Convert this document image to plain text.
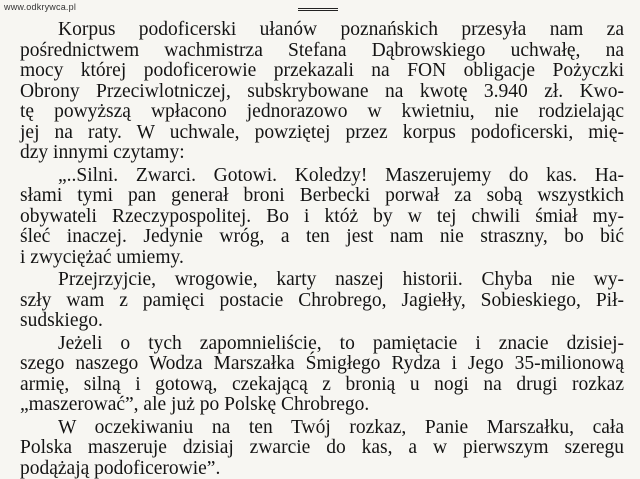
www.odkrywca.pl
Korpus podoficerski ułanów poznańskich przesyła nam za
pośrednictwem wachmistrza Stefana Dąbrowskiego uchwałę, na
mocy której podoficerowie przekazali na FON obligacje Pożyczki
Obrony Przeciwlotniczej, subskrybowane na kwotę 3.940 zł. Kwo-
tę powyższą wpłacono jednorazowo w kwietniu, nie rodzielając
jej na raty. W uchwale, powziętej przez korpus podoficerski, mię-
dzy innymi czytamy:
„..Silni. Zwarci. Gotowi. Koledzy! Maszerujemy do kas. Ha-
słami tymi pan generał broni Berbecki porwał za sobą wszystkich
obywateli Rzeczypospolitej. Bo i któż by w tej chwili śmiał my-
śleć inaczej. Jedynie wróg, a ten jest nam nie straszny, bo bić
i zwyciężać umiemy.
Przejrzyjcie, wrogowie, karty naszej historii. Chyba nie wy-
szły wam z pamięci postacie Chrobrego, Jagiełły, Sobieskiego, Pił-
sudskiego.
Jeżeli o tych zapomnieliście, to pamiętacie i znacie dzisiej-
szego naszego Wodza Marszałka Śmigłego Rydza i Jego 35-milionową
armię, silną i gotową, czekającą z bronią u nogi na drugi rozkaz
„maszerować”, ale już po Polskę Chrobrego.
W oczekiwaniu na ten Twój rozkaz, Panie Marszałku, cała
Polska maszeruje dzisiaj zwarcie do kas, a w pierwszym szeregu
podążają podoficerowie”.
